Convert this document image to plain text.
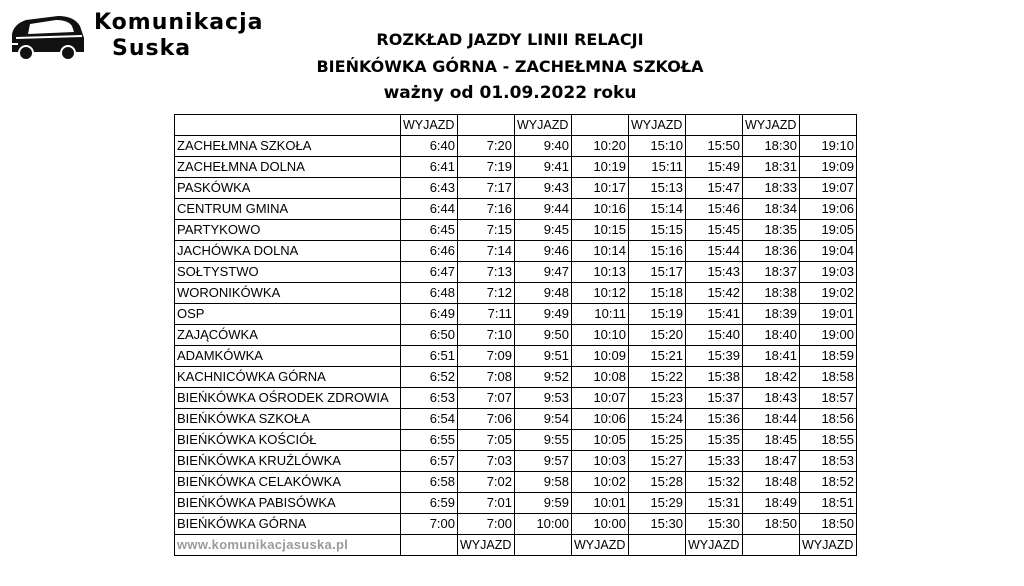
Komunikacja
Suska	ROZKŁAD JAZDY LINII RELACJI
BIEŃKÓWKA GÓRNA - ZACHEŁMNA SZKOŁA
ważny od 01.09.2022 roku
	WYJAZD		WYJAZD		WYJAZD		WYJAZD	
ZACHEŁMNA SZKOŁA	6:40	7:20	9:40	10:20	15:10	15:50	18:30	19:10
ZACHEŁMNA DOLNA	6:41	7:19	9:41	10:19	15:11	15:49	18:31	19:09
PASKÓWKA	6:43	7:17	9:43	10:17	15:13	15:47	18:33	19:07
CENTRUM GMINA	6:44	7:16	9:44	10:16	15:14	15:46	18:34	19:06
PARTYKOWO	6:45	7:15	9:45	10:15	15:15	15:45	18:35	19:05
JACHÓWKA DOLNA	6:46	7:14	9:46	10:14	15:16	15:44	18:36	19:04
SOŁTYSTWO	6:47	7:13	9:47	10:13	15:17	15:43	18:37	19:03
WORONIKÓWKA	6:48	7:12	9:48	10:12	15:18	15:42	18:38	19:02
OSP	6:49	7:11	9:49	10:11	15:19	15:41	18:39	19:01
ZAJĄCÓWKA	6:50	7:10	9:50	10:10	15:20	15:40	18:40	19:00
ADAMKÓWKA	6:51	7:09	9:51	10:09	15:21	15:39	18:41	18:59
KACHNICÓWKA GÓRNA	6:52	7:08	9:52	10:08	15:22	15:38	18:42	18:58
BIEŃKÓWKA OŚRODEK ZDROWIA	6:53	7:07	9:53	10:07	15:23	15:37	18:43	18:57
BIEŃKÓWKA SZKOŁA	6:54	7:06	9:54	10:06	15:24	15:36	18:44	18:56
BIEŃKÓWKA KOŚCIÓŁ	6:55	7:05	9:55	10:05	15:25	15:35	18:45	18:55
BIEŃKÓWKA KRUŹLÓWKA	6:57	7:03	9:57	10:03	15:27	15:33	18:47	18:53
BIEŃKÓWKA CELAKÓWKA	6:58	7:02	9:58	10:02	15:28	15:32	18:48	18:52
BIEŃKÓWKA PABISÓWKA	6:59	7:01	9:59	10:01	15:29	15:31	18:49	18:51
BIEŃKÓWKA GÓRNA	7:00	7:00	10:00	10:00	15:30	15:30	18:50	18:50
www.komunikacjasuska.pl		WYJAZD		WYJAZD		WYJAZD		WYJAZD
